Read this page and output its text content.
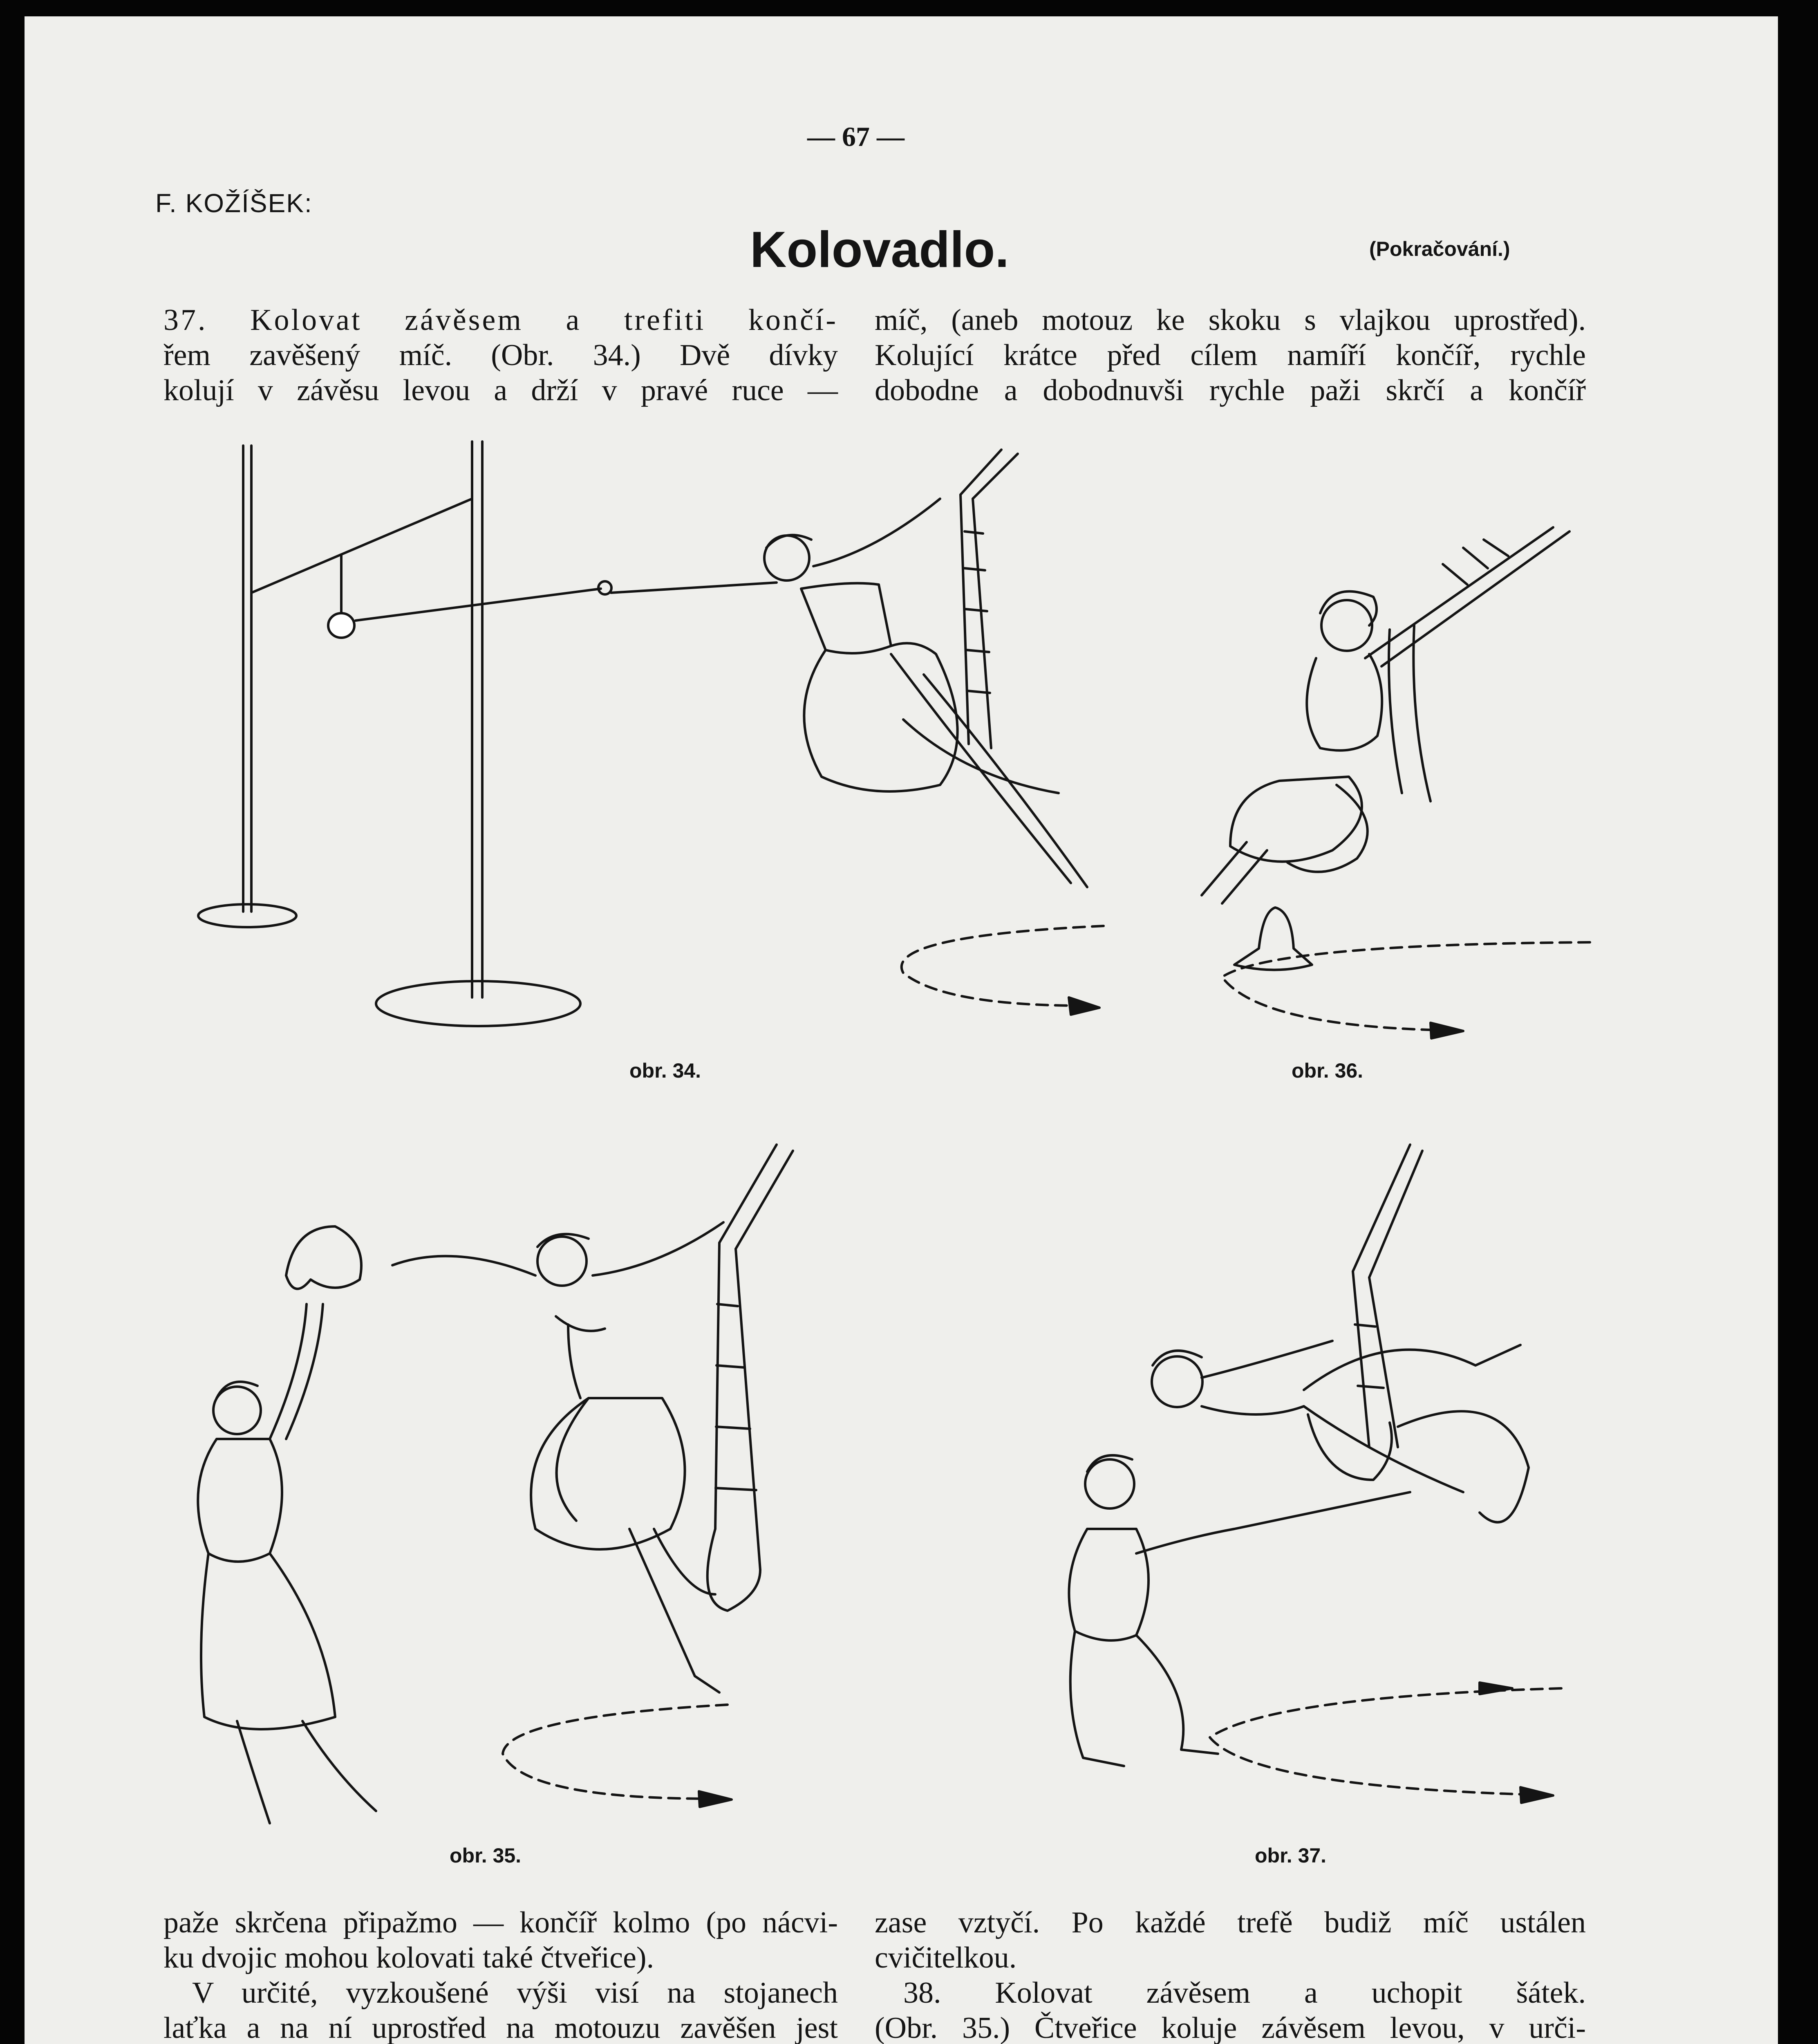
— 67 —
F. KOŽÍŠEK:
Kolovadlo.	(Pokračování.)
37. Kolovat závěsem a trefiti končí-
řem zavěšený míč. (Obr. 34.) Dvě dívky
kolují v závěsu levou a drží v pravé ruce —
míč, (aneb motouz ke skoku s vlajkou uprostřed).
Kolující krátce před cílem namíří končíř, rychle
dobodne a dobodnuvši rychle paži skrčí a končíř
obr. 34.	obr. 36.
obr. 35.	obr. 37.
paže skrčena připažmo — končíř kolmo (po nácvi-
ku dvojic mohou kolovati také čtveřice).
V určité, vyzkoušené výši visí na stojanech
laťka a na ní uprostřed na motouzu zavěšen jest
zase vztyčí. Po každé trefě budiž míč ustálen
cvičitelkou.
38. Kolovat závěsem a uchopit šátek.
(Obr. 35.) Čtveřice koluje závěsem levou, v urči-
